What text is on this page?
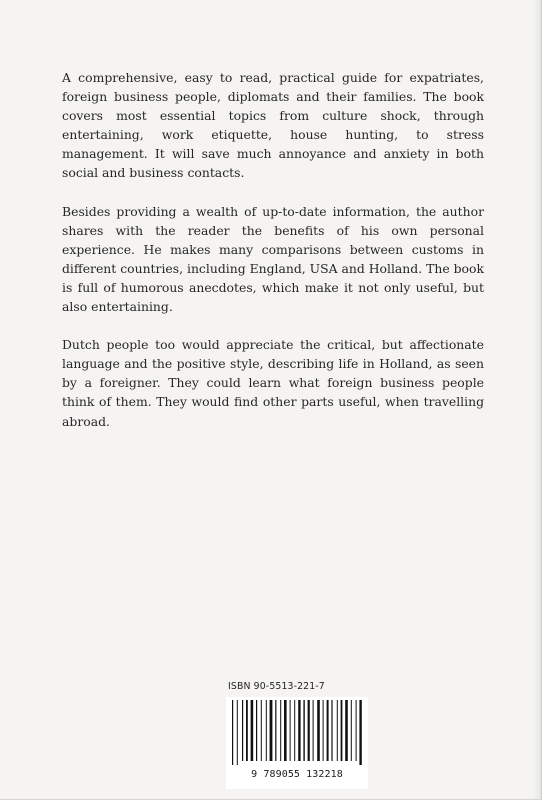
A comprehensive, easy to read, practical guide for expatriates, foreign business people, diplomats and their families. The book covers most essential topics from culture shock, through entertaining, work etiquette, house hunting, to stress management. It will save much annoyance and anxiety in both social and business contacts.

Besides providing a wealth of up-to-date information, the author shares with the reader the benefits of his own personal experience. He makes many comparisons between customs in different countries, including England, USA and Holland. The book is full of humorous anecdotes, which make it not only useful, but also entertaining.

Dutch people too would appreciate the critical, but affectionate language and the positive style, describing life in Holland, as seen by a foreigner. They could learn what foreign business people think of them. They would find other parts useful, when travelling abroad.

ISBN 90-5513-221-7
9 789055 132218
